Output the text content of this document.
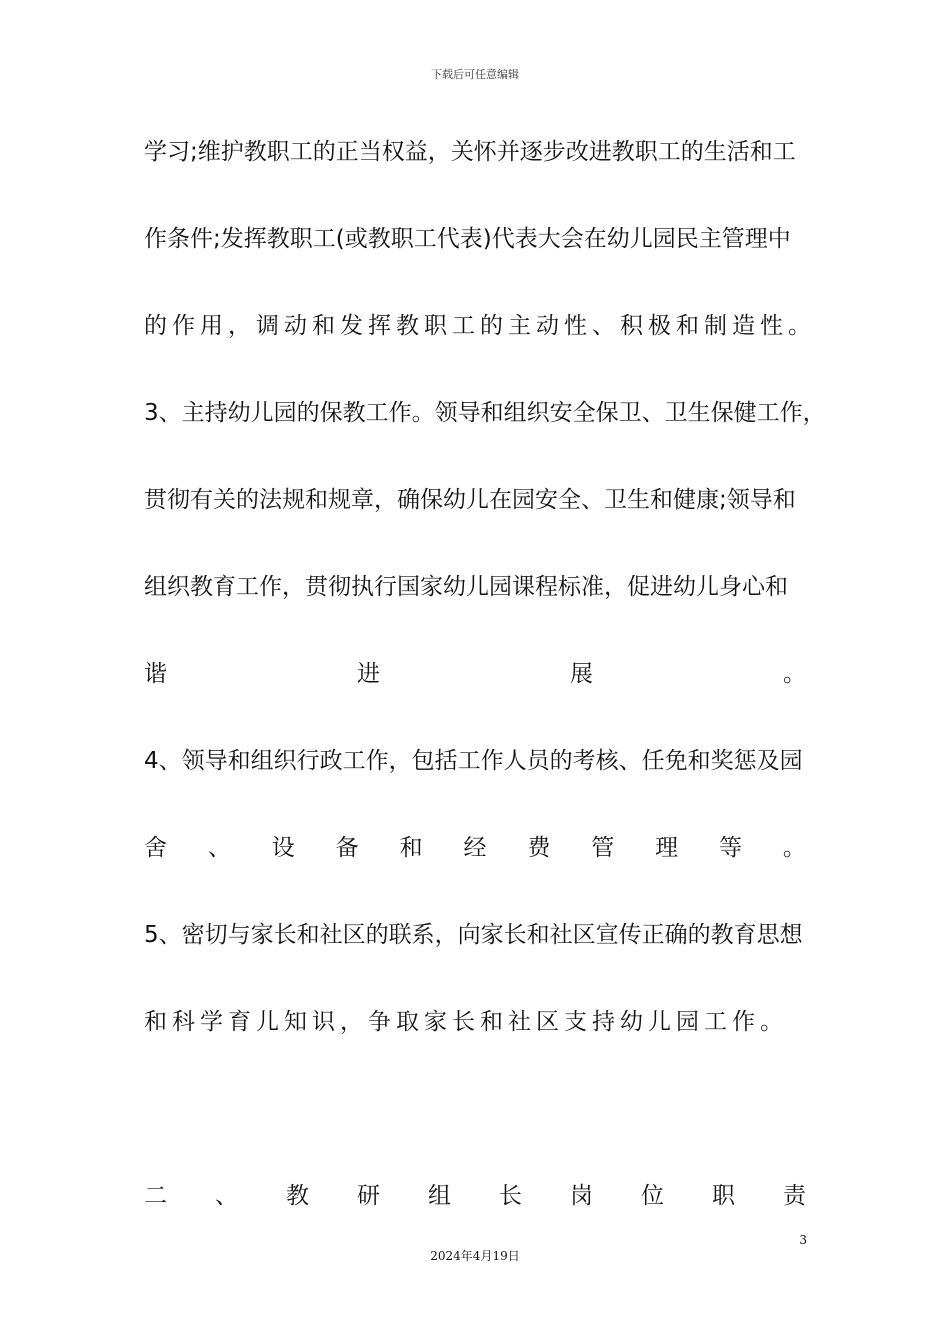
下载后可任意编辑
学习;维护教职工的正当权益，关怀并逐步改进教职工的生活和工
作条件;发挥教职工(或教职工代表)代表大会在幼儿园民主管理中
的作用，调动和发挥教职工的主动性、积极和制造性。
3、主持幼儿园的保教工作。领导和组织安全保卫、卫生保健工作，
贯彻有关的法规和规章，确保幼儿在园安全、卫生和健康;领导和
组织教育工作，贯彻执行国家幼儿园课程标准，促进幼儿身心和
谐	进	展	。
4、领导和组织行政工作，包括工作人员的考核、任免和奖惩及园
舍 、 设 备 和 经 费 管 理 等 。
5、密切与家长和社区的联系，向家长和社区宣传正确的教育思想
和科学育儿知识，争取家长和社区支持幼儿园工作。
二 、 教 研 组 长 岗 位 职 责
3
2024年4月19日
